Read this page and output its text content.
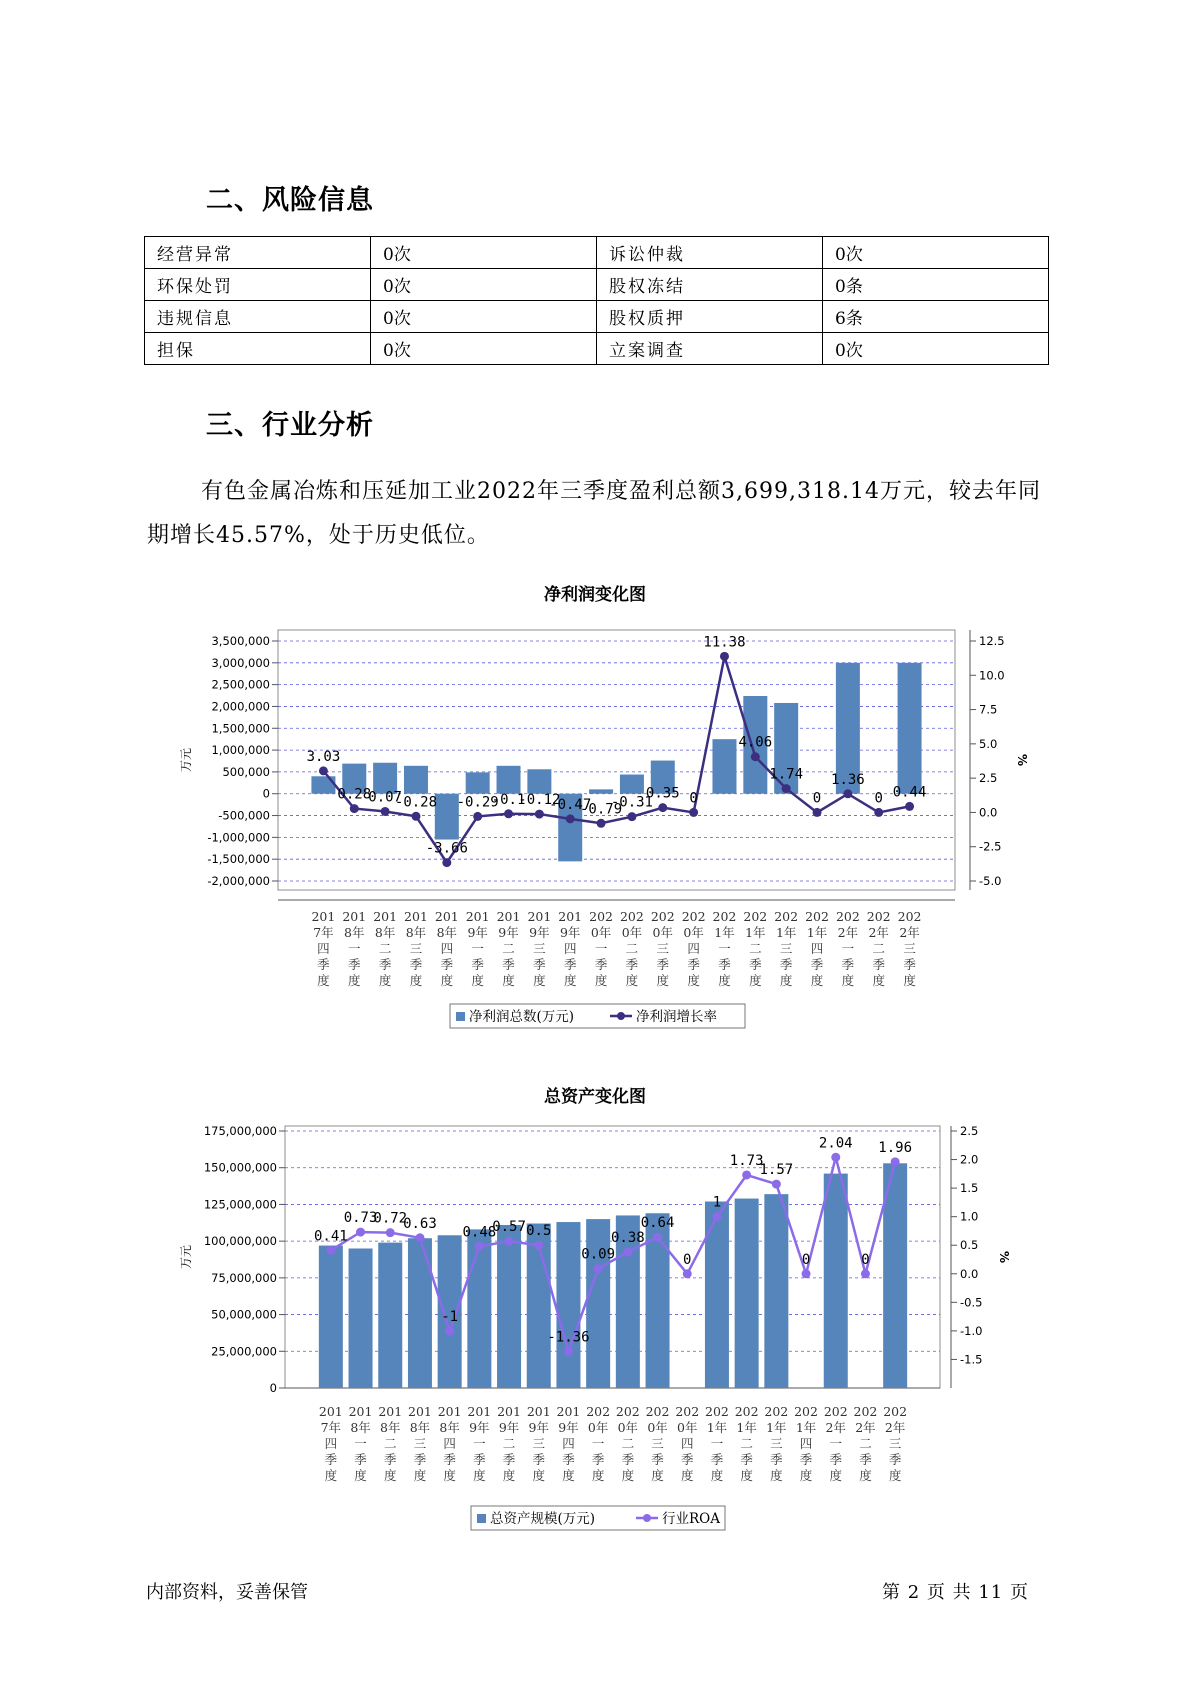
二、风险信息
经营异常	0次	诉讼仲裁	0次
环保处罚	0次	股权冻结	0条
违规信息	0次	股权质押	6条
担保	0次	立案调查	0次
三、行业分析
有色金属冶炼和压延加工业2022年三季度盈利总额3,699,318.14万元，较去年同期增长45.57%，处于历史低位。
净利润变化图
3,500,000
3,000,000
2,500,000
2,000,000
1,500,000
1,000,000
500,000
0
-500,000
-1,000,000
-1,500,000
-2,000,000
12.5
10.0
7.5
5.0
2.5
0.0
-2.5
-5.0
万元	%
201
7年
四
季
度
201
8年
一
季
度
201
8年
二
季
度
201
8年
三
季
度
201
8年
四
季
度
201
9年
一
季
度
201
9年
二
季
度
201
9年
三
季
度
201
9年
四
季
度
202
0年
一
季
度
202
0年
二
季
度
202
0年
三
季
度
202
0年
四
季
度
202
1年
一
季
度
202
1年
二
季
度
202
1年
三
季
度
202
1年
四
季
度
202
2年
一
季
度
202
2年
二
季
度
202
2年
三
季
度
3.03
0.28
0.07
-0.28
-3.66
-0.29
-0.1
-0.12
-0.47
-0.79
-0.31
0.35 0
11.38
4.06
1.74
0
1.36
0 0.44
净利润总数(万元)	净利润增长率
总资产变化图
175,000,000
150,000,000
125,000,000
100,000,000
75,000,000
50,000,000
25,000,000
0
2.5
2.0
1.5
1.0
0.5
0.0
-0.5
-1.0
-1.5
万元	%
201
7年
四
季
度
201
8年
一
季
度
201
8年
二
季
度
201
8年
三
季
度
201
8年
四
季
度
201
9年
一
季
度
201
9年
二
季
度
201
9年
三
季
度
201
9年
四
季
度
202
0年
一
季
度
202
0年
二
季
度
202
0年
三
季
度
202
0年
四
季
度
202
1年
一
季
度
202
1年
二
季
度
202
1年
三
季
度
202
1年
四
季
度
202
2年
一
季
度
202
2年
二
季
度
202
2年
三
季
度
0.41
0.73
0.72
0.63
-1
0.48
0.57 0.5
-1.36
0.09
0.38
0.64
0
1
1.73
1.57
0
2.04
0
1.96
总资产规模(万元)	行业ROA
内部资料，妥善保管	第 2 页 共 11 页
